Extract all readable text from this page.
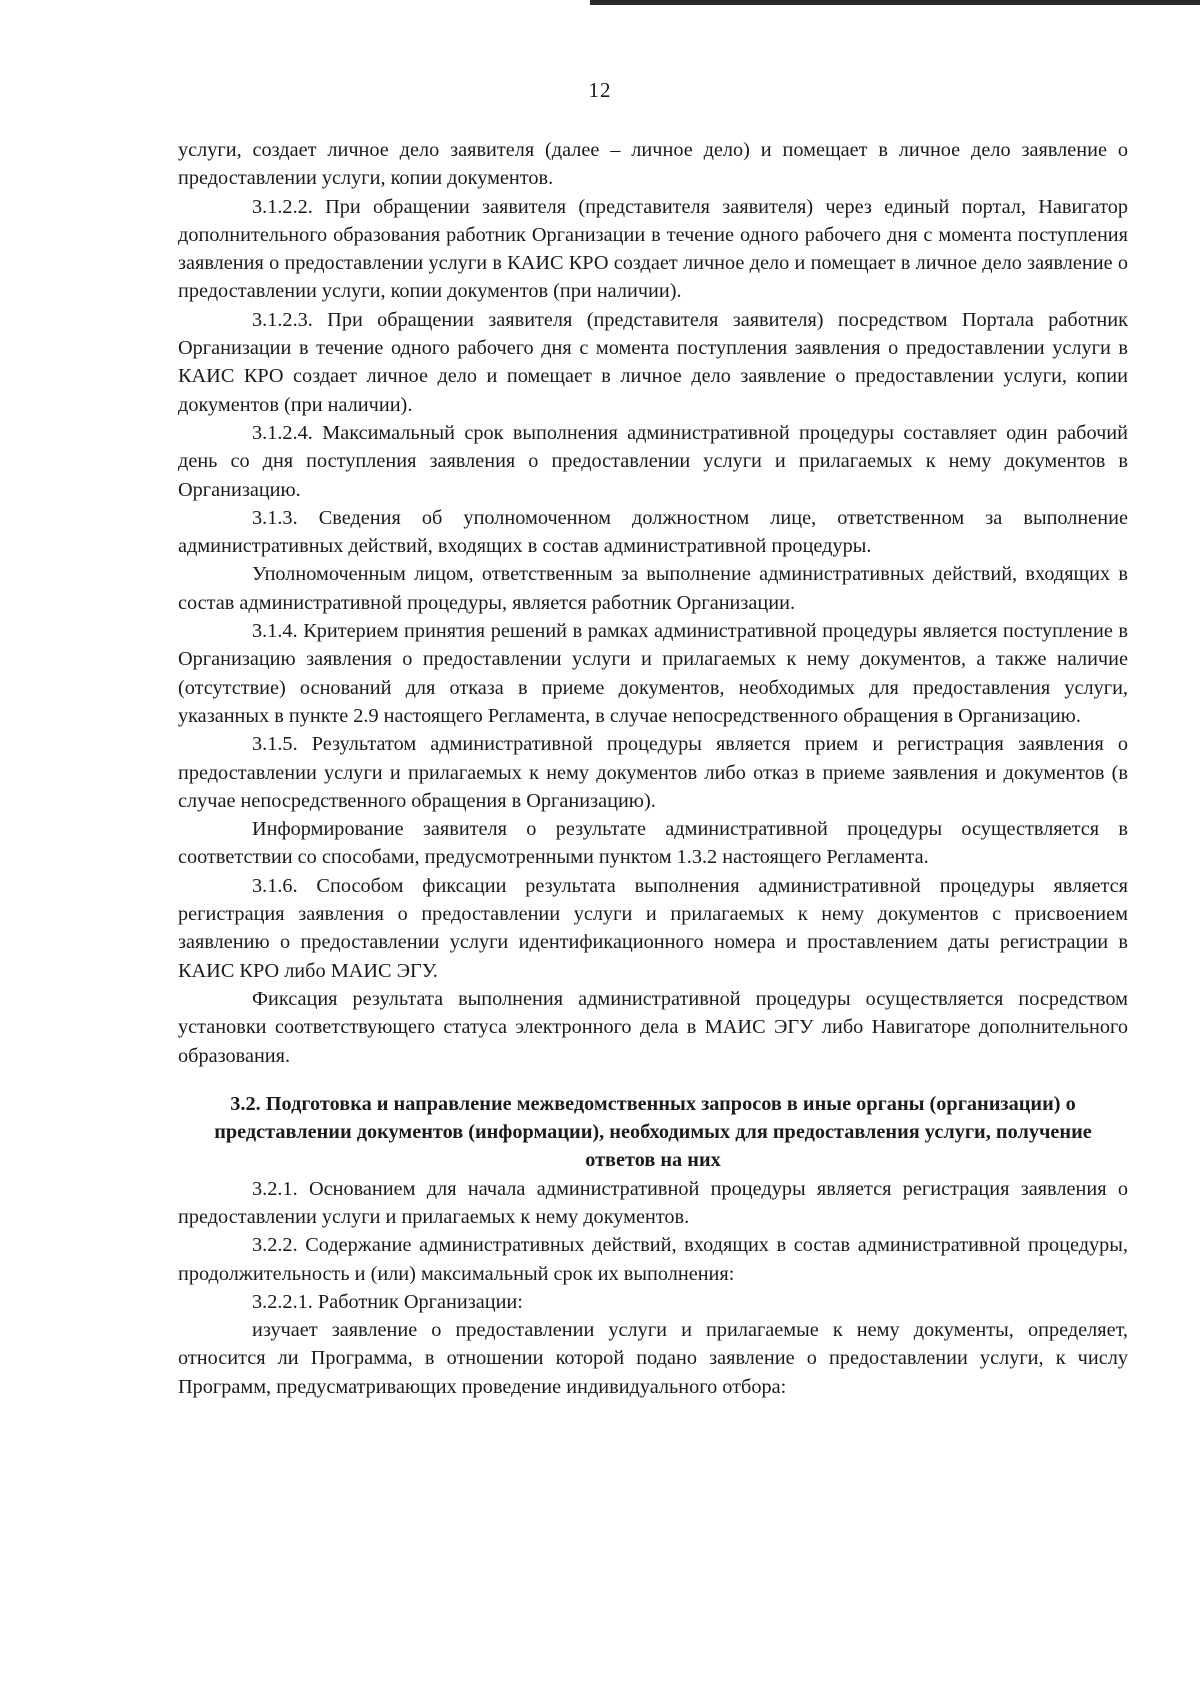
12

услуги, создает личное дело заявителя (далее – личное дело) и помещает в личное дело заявление о предоставлении услуги, копии документов.

3.1.2.2. При обращении заявителя (представителя заявителя) через единый портал, Навигатор дополнительного образования работник Организации в течение одного рабочего дня с момента поступления заявления о предоставлении услуги в КАИС КРО создает личное дело и помещает в личное дело заявление о предоставлении услуги, копии документов (при наличии).

3.1.2.3. При обращении заявителя (представителя заявителя) посредством Портала работник Организации в течение одного рабочего дня с момента поступления заявления о предоставлении услуги в КАИС КРО создает личное дело и помещает в личное дело заявление о предоставлении услуги, копии документов (при наличии).

3.1.2.4. Максимальный срок выполнения административной процедуры составляет один рабочий день со дня поступления заявления о предоставлении услуги и прилагаемых к нему документов в Организацию.

3.1.3. Сведения об уполномоченном должностном лице, ответственном за выполнение административных действий, входящих в состав административной процедуры.

Уполномоченным лицом, ответственным за выполнение административных действий, входящих в состав административной процедуры, является работник Организации.

3.1.4. Критерием принятия решений в рамках административной процедуры является поступление в Организацию заявления о предоставлении услуги и прилагаемых к нему документов, а также наличие (отсутствие) оснований для отказа в приеме документов, необходимых для предоставления услуги, указанных в пункте 2.9 настоящего Регламента, в случае непосредственного обращения в Организацию.

3.1.5. Результатом административной процедуры является прием и регистрация заявления о предоставлении услуги и прилагаемых к нему документов либо отказ в приеме заявления и документов (в случае непосредственного обращения в Организацию).

Информирование заявителя о результате административной процедуры осуществляется в соответствии со способами, предусмотренными пунктом 1.3.2 настоящего Регламента.

3.1.6. Способом фиксации результата выполнения административной процедуры является регистрация заявления о предоставлении услуги и прилагаемых к нему документов с присвоением заявлению о предоставлении услуги идентификационного номера и проставлением даты регистрации в КАИС КРО либо МАИС ЭГУ.

Фиксация результата выполнения административной процедуры осуществляется посредством установки соответствующего статуса электронного дела в МАИС ЭГУ либо Навигаторе дополнительного образования.

3.2. Подготовка и направление межведомственных запросов в иные органы (организации) о представлении документов (информации), необходимых для предоставления услуги, получение ответов на них

3.2.1. Основанием для начала административной процедуры является регистрация заявления о предоставлении услуги и прилагаемых к нему документов.

3.2.2. Содержание административных действий, входящих в состав административной процедуры, продолжительность и (или) максимальный срок их выполнения:

3.2.2.1. Работник Организации:

изучает заявление о предоставлении услуги и прилагаемые к нему документы, определяет, относится ли Программа, в отношении которой подано заявление о предоставлении услуги, к числу Программ, предусматривающих проведение индивидуального отбора:
